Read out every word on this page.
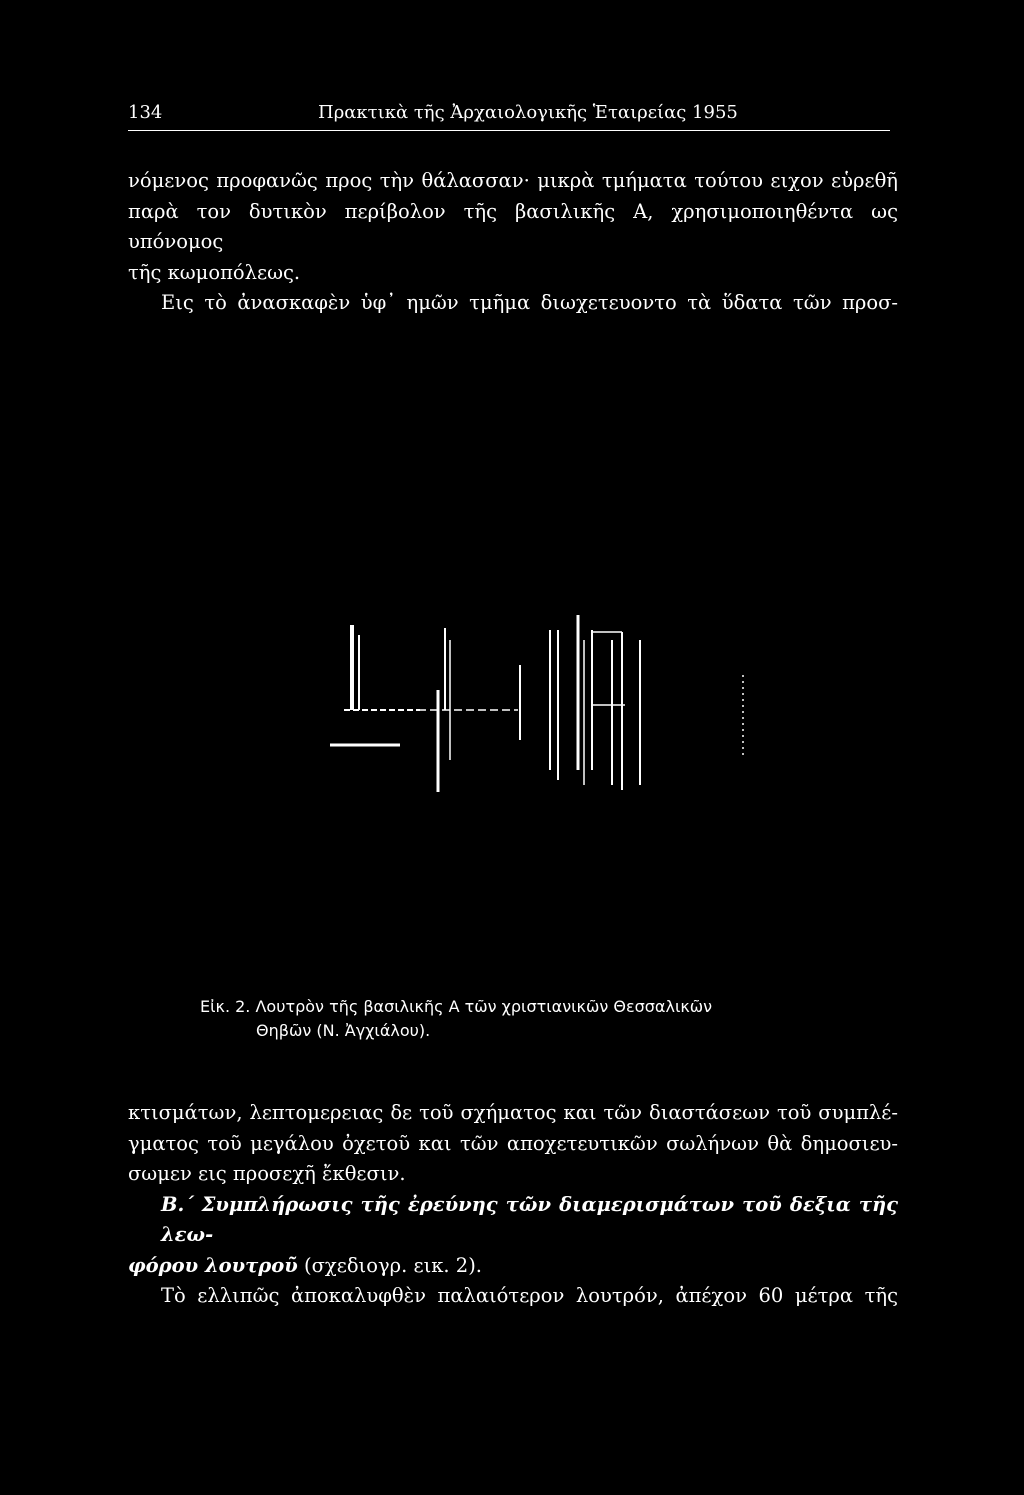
134	Πρακτικὰ τῆς Ἀρχαιολογικῆς Ἑταιρείας 1955
νόμενος προφανῶς προς τὴν θάλασσαν· μικρὰ τμήματα τούτου ειχον εὑρεθῆ
παρὰ τον δυτικὸν περίβολον τῆς βασιλικῆς Α, χρησιμοποιηθέντα ως υπόνομος
τῆς κωμοπόλεως.
Εις τὸ ἀνασκαφὲν ὑφ᾿ ημῶν τμῆμα διωχετευοντο τὰ ὕδατα τῶν προσ-
Εἰκ. 2. Λουτρὸν τῆς βασιλικῆς Α τῶν χριστιανικῶν Θεσσαλικῶν
Θηβῶν (Ν. Ἀγχιάλου).
κτισμάτων, λεπτομερειας δε τοῦ σχήματος και τῶν διαστάσεων τοῦ συμπλέ-
γματος τοῦ μεγάλου ὀχετοῦ και τῶν αποχετευτικῶν σωλήνων θὰ δημοσιευ-
σωμεν εις προσεχῆ ἔκθεσιν.
Β.΄ Συμπλήρωσις τῆς ἐρεύνης τῶν διαμερισμάτων τοῦ δεξια τῆς λεω-
φόρου λουτροῦ (σχεδιογρ. εικ. 2).
Τὸ ελλιπῶς ἀποκαλυφθὲν παλαιότερον λουτρόν, ἀπέχον 60 μέτρα τῆς
